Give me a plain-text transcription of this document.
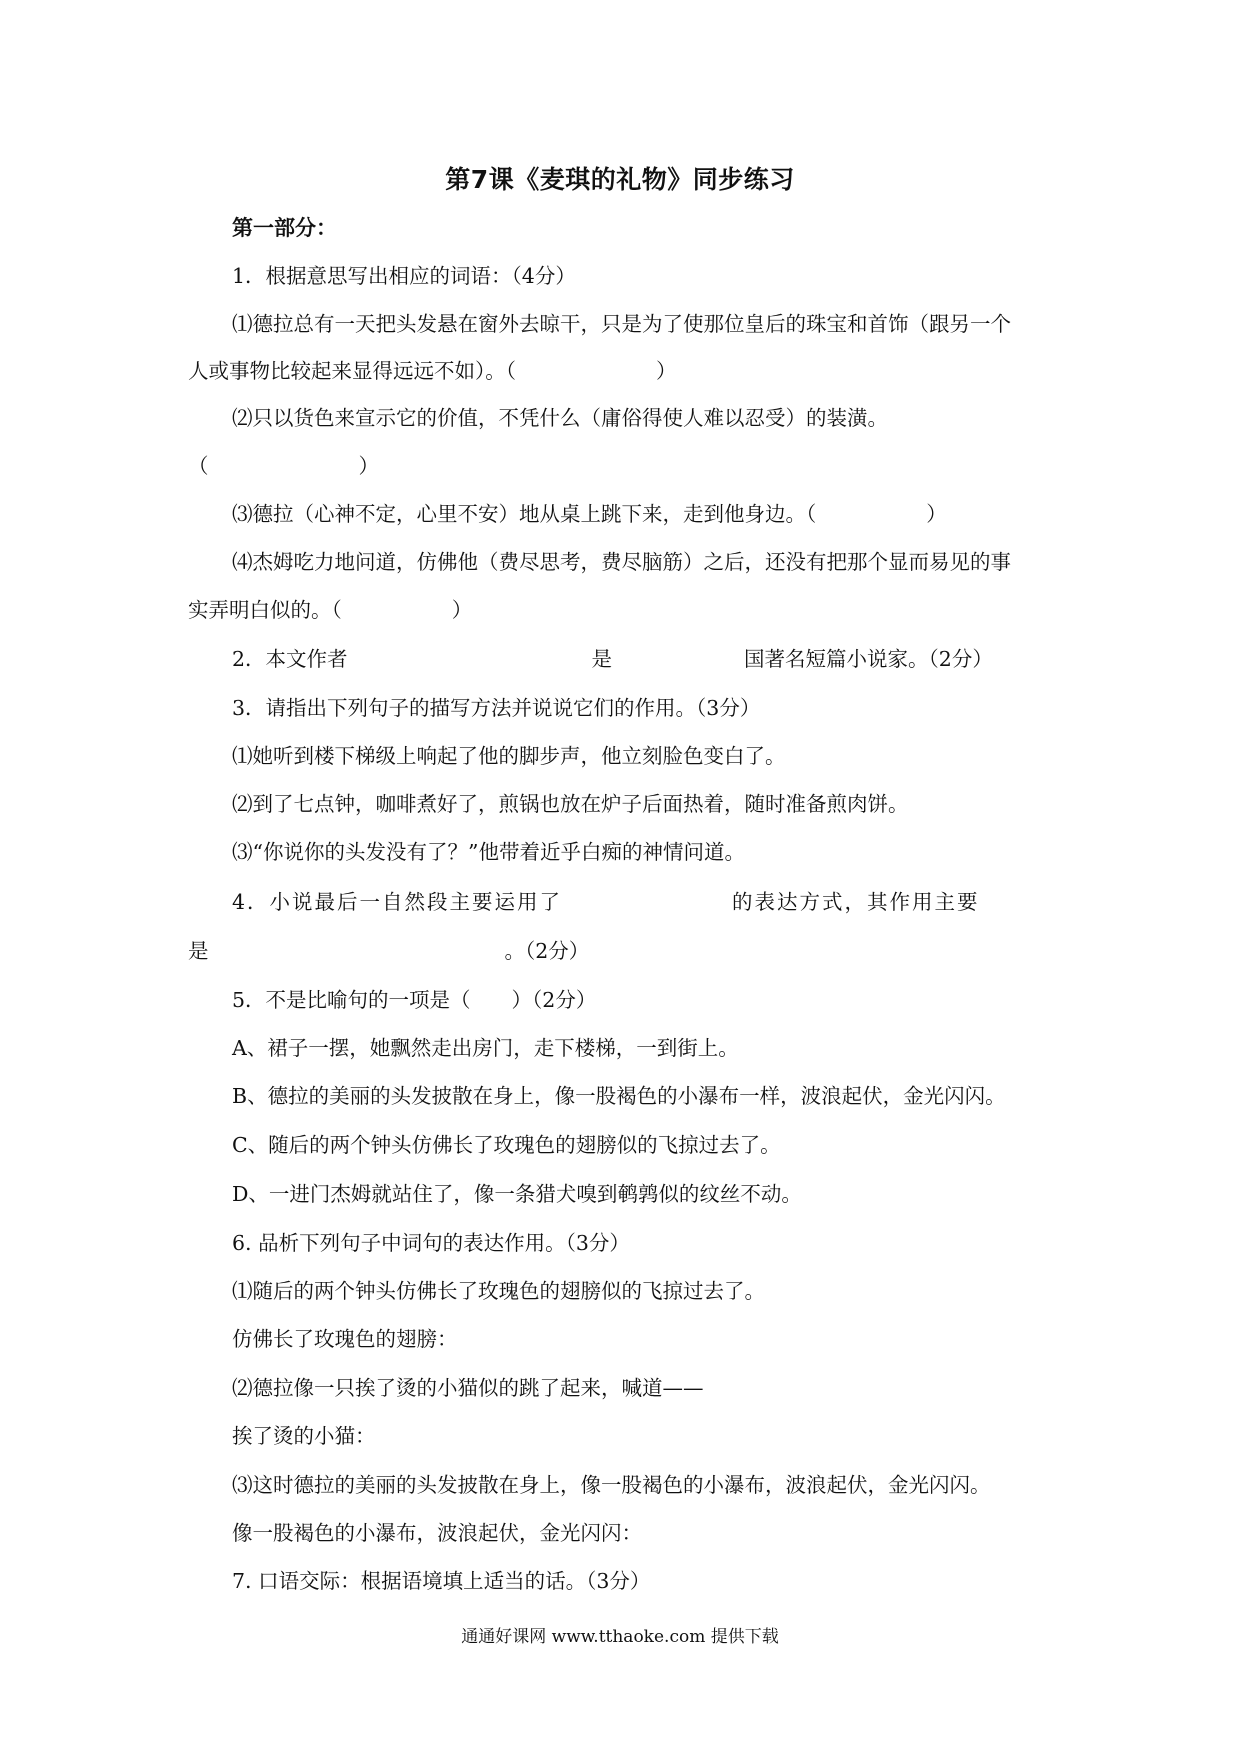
第7课《麦琪的礼物》同步练习
第一部分：
1．根据意思写出相应的词语：（4分）
⑴德拉总有一天把头发悬在窗外去晾干，只是为了使那位皇后的珠宝和首饰（跟另一个
人或事物比较起来显得远远不如）。（	）
⑵只以货色来宣示它的价值，不凭什么（庸俗得使人难以忍受）的装潢。
（	）
⑶德拉（心神不定，心里不安）地从桌上跳下来，走到他身边。（	）
⑷杰姆吃力地问道，仿佛他（费尽思考，费尽脑筋）之后，还没有把那个显而易见的事
实弄明白似的。（	）
2．本文作者	是	国著名短篇小说家。（2分）
3．请指出下列句子的描写方法并说说它们的作用。（3分）
⑴她听到楼下梯级上响起了他的脚步声，他立刻脸色变白了。
⑵到了七点钟，咖啡煮好了，煎锅也放在炉子后面热着，随时准备煎肉饼。
⑶“你说你的头发没有了？”他带着近乎白痴的神情问道。
4．小说最后一自然段主要运用了	的表达方式，其作用主要
是	。（2分）
5．不是比喻句的一项是（　　）（2分）
A、裙子一摆，她飘然走出房门，走下楼梯，一到街上。
B、德拉的美丽的头发披散在身上，像一股褐色的小瀑布一样，波浪起伏，金光闪闪。
C、随后的两个钟头仿佛长了玫瑰色的翅膀似的飞掠过去了。
D、一进门杰姆就站住了，像一条猎犬嗅到鹌鹑似的纹丝不动。
6. 品析下列句子中词句的表达作用。（3分）
⑴随后的两个钟头仿佛长了玫瑰色的翅膀似的飞掠过去了。
仿佛长了玫瑰色的翅膀：
⑵德拉像一只挨了烫的小猫似的跳了起来，喊道——
挨了烫的小猫：
⑶这时德拉的美丽的头发披散在身上，像一股褐色的小瀑布，波浪起伏，金光闪闪。
像一股褐色的小瀑布，波浪起伏，金光闪闪：
7. 口语交际：根据语境填上适当的话。（3分）
通通好课网 www.tthaoke.com 提供下载
